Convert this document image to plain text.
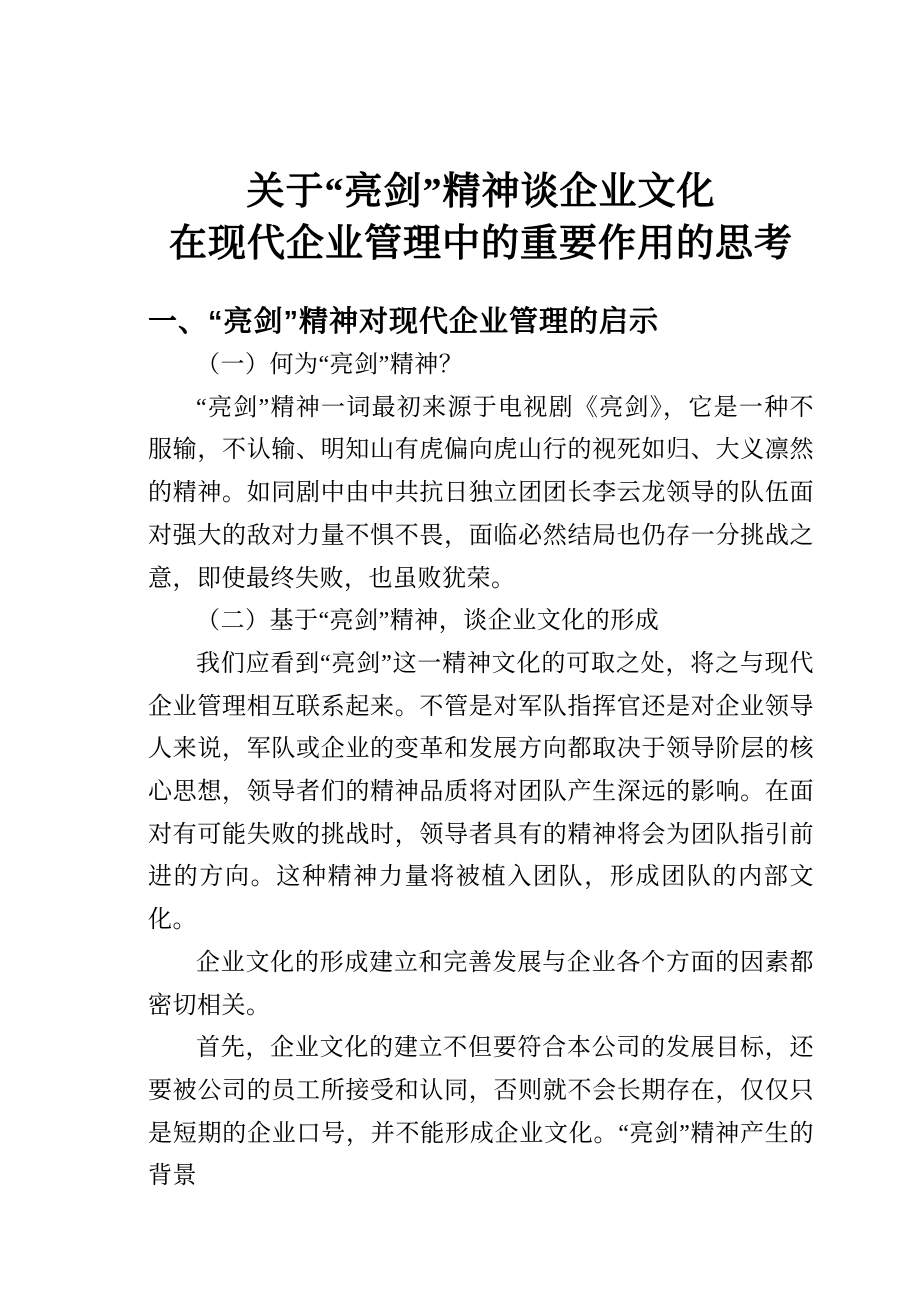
关于“亮剑”精神谈企业文化
在现代企业管理中的重要作用的思考
一、“亮剑”精神对现代企业管理的启示

（一）何为“亮剑”精神？

“亮剑”精神一词最初来源于电视剧《亮剑》，它是一种不服输，不认输、明知山有虎偏向虎山行的视死如归、大义凛然的精神。如同剧中由中共抗日独立团团长李云龙领导的队伍面对强大的敌对力量不惧不畏，面临必然结局也仍存一分挑战之意，即使最终失败，也虽败犹荣。

（二）基于“亮剑”精神，谈企业文化的形成

我们应看到“亮剑”这一精神文化的可取之处，将之与现代企业管理相互联系起来。不管是对军队指挥官还是对企业领导人来说，军队或企业的变革和发展方向都取决于领导阶层的核心思想，领导者们的精神品质将对团队产生深远的影响。在面对有可能失败的挑战时，领导者具有的精神将会为团队指引前进的方向。这种精神力量将被植入团队，形成团队的内部文化。

企业文化的形成建立和完善发展与企业各个方面的因素都密切相关。

首先，企业文化的建立不但要符合本公司的发展目标，还要被公司的员工所接受和认同，否则就不会长期存在，仅仅只是短期的企业口号，并不能形成企业文化。“亮剑”精神产生的背景
